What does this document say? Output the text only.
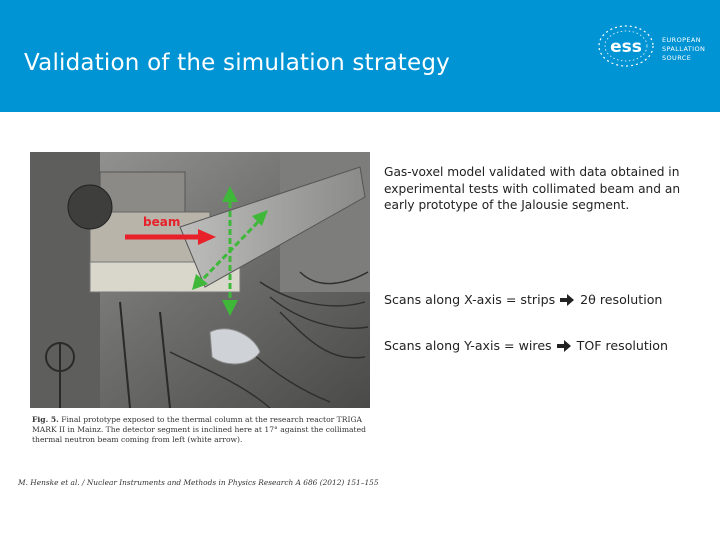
Validation of the simulation strategy
ess	EUROPEAN
SPALLATION
SOURCE
beam
Fig. 5. Final prototype exposed to the thermal column at the research reactor TRIGA MARK II in Mainz. The detector segment is inclined here at 17° against the collimated thermal neutron beam coming from left (white arrow).
M. Henske et al. / Nuclear Instruments and Methods in Physics Research A 686 (2012) 151–155
Gas-voxel model validated with data obtained in experimental tests with collimated beam and an early prototype of the Jalousie segment.
Scans along X-axis = strips 2θ resolution
Scans along Y-axis = wires TOF resolution
